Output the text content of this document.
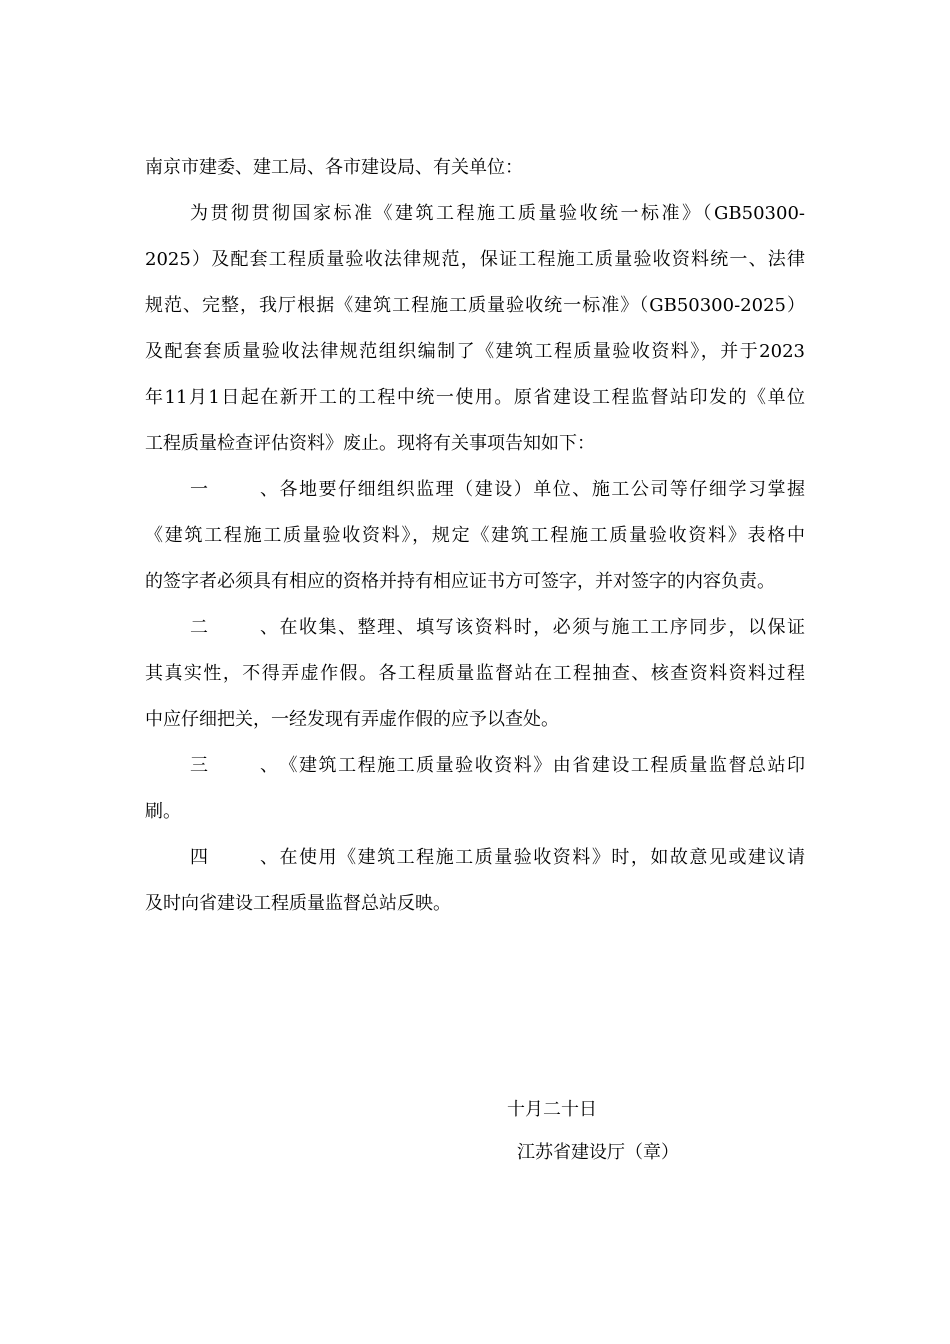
南京市建委、建工局、各市建设局、有关单位：
为贯彻贯彻国家标准《建筑工程施工质量验收统一标准》（GB50300-
2025）及配套工程质量验收法律规范，保证工程施工质量验收资料统一、法律
规范、完整，我厅根据《建筑工程施工质量验收统一标准》（GB50300-2025）
及配套套质量验收法律规范组织编制了《建筑工程质量验收资料》，并于2023
年11月1日起在新开工的工程中统一使用。原省建设工程监督站印发的《单位
工程质量检查评估资料》废止。现将有关事项告知如下：
一、各地要仔细组织监理（建设）单位、施工公司等仔细学习掌握
《建筑工程施工质量验收资料》，规定《建筑工程施工质量验收资料》表格中
的签字者必须具有相应的资格并持有相应证书方可签字，并对签字的内容负责。
二、在收集、整理、填写该资料时，必须与施工工序同步，以保证
其真实性，不得弄虚作假。各工程质量监督站在工程抽查、核查资料资料过程
中应仔细把关，一经发现有弄虚作假的应予以查处。
三、《建筑工程施工质量验收资料》由省建设工程质量监督总站印
刷。
四、在使用《建筑工程施工质量验收资料》时，如故意见或建议请
及时向省建设工程质量监督总站反映。
十月二十日
江苏省建设厅（章）
